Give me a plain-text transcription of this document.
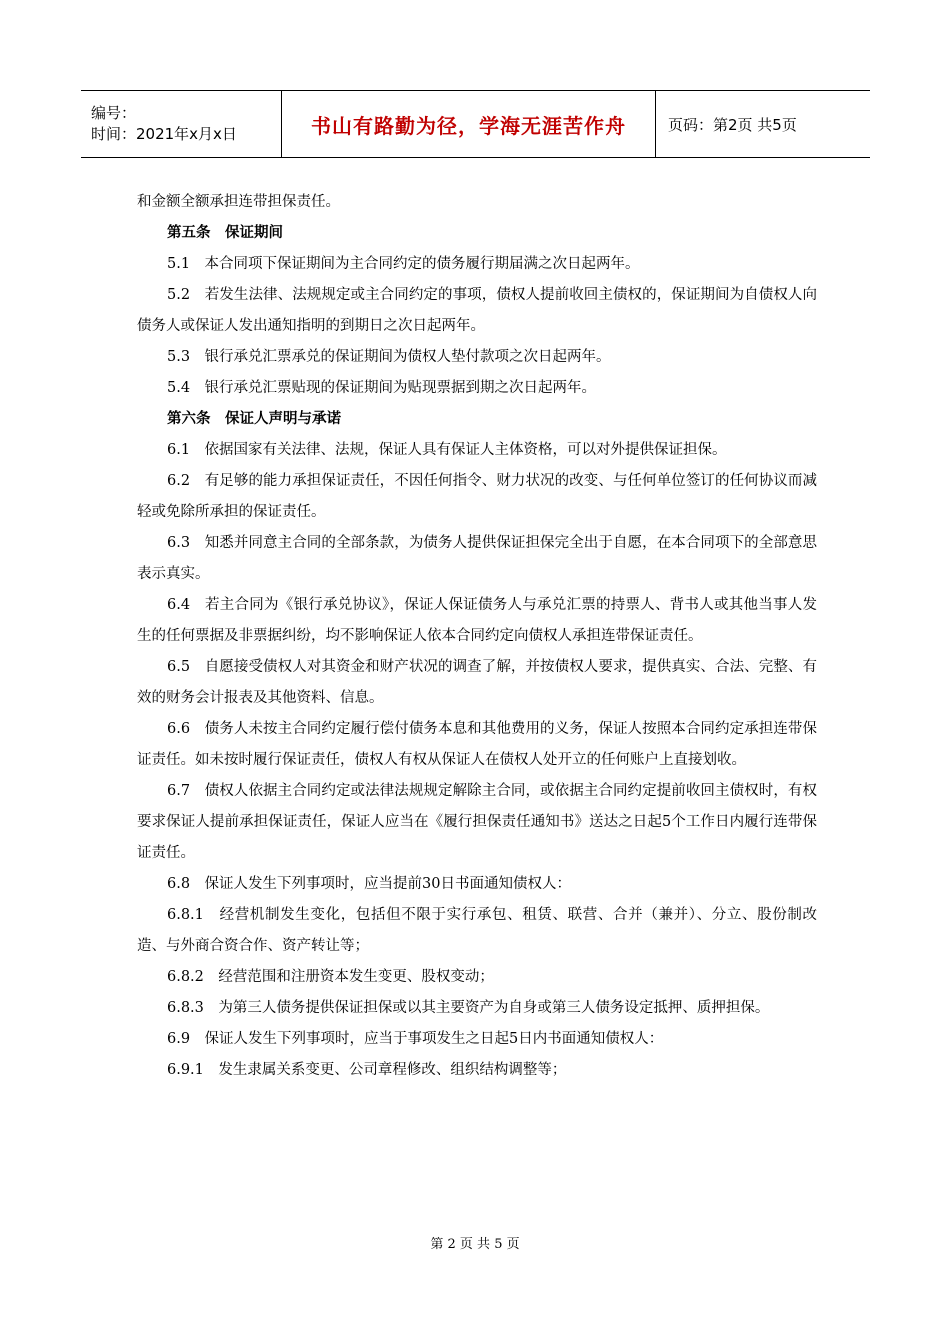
编号：
时间：2021年x月x日	书山有路勤为径，学海无涯苦作舟	页码：第2页 共5页

和金额全额承担连带担保责任。

第五条　保证期间

5.1　本合同项下保证期间为主合同约定的债务履行期届满之次日起两年。

5.2　若发生法律、法规规定或主合同约定的事项，债权人提前收回主债权的，保证期间为自债权人向债务人或保证人发出通知指明的到期日之次日起两年。

5.3　银行承兑汇票承兑的保证期间为债权人垫付款项之次日起两年。

5.4　银行承兑汇票贴现的保证期间为贴现票据到期之次日起两年。

第六条　保证人声明与承诺

6.1　依据国家有关法律、法规，保证人具有保证人主体资格，可以对外提供保证担保。

6.2　有足够的能力承担保证责任，不因任何指令、财力状况的改变、与任何单位签订的任何协议而减轻或免除所承担的保证责任。

6.3　知悉并同意主合同的全部条款，为债务人提供保证担保完全出于自愿，在本合同项下的全部意思表示真实。

6.4　若主合同为《银行承兑协议》，保证人保证债务人与承兑汇票的持票人、背书人或其他当事人发生的任何票据及非票据纠纷，均不影响保证人依本合同约定向债权人承担连带保证责任。

6.5　自愿接受债权人对其资金和财产状况的调查了解，并按债权人要求，提供真实、合法、完整、有效的财务会计报表及其他资料、信息。

6.6　债务人未按主合同约定履行偿付债务本息和其他费用的义务，保证人按照本合同约定承担连带保证责任。如未按时履行保证责任，债权人有权从保证人在债权人处开立的任何账户上直接划收。

6.7　债权人依据主合同约定或法律法规规定解除主合同，或依据主合同约定提前收回主债权时，有权要求保证人提前承担保证责任，保证人应当在《履行担保责任通知书》送达之日起5个工作日内履行连带保证责任。

6.8　保证人发生下列事项时，应当提前30日书面通知债权人：

6.8.1　经营机制发生变化，包括但不限于实行承包、租赁、联营、合并（兼并）、分立、股份制改造、与外商合资合作、资产转让等；

6.8.2　经营范围和注册资本发生变更、股权变动；

6.8.3　为第三人债务提供保证担保或以其主要资产为自身或第三人债务设定抵押、质押担保。

6.9　保证人发生下列事项时，应当于事项发生之日起5日内书面通知债权人：

6.9.1　发生隶属关系变更、公司章程修改、组织结构调整等；

第 2 页 共 5 页
